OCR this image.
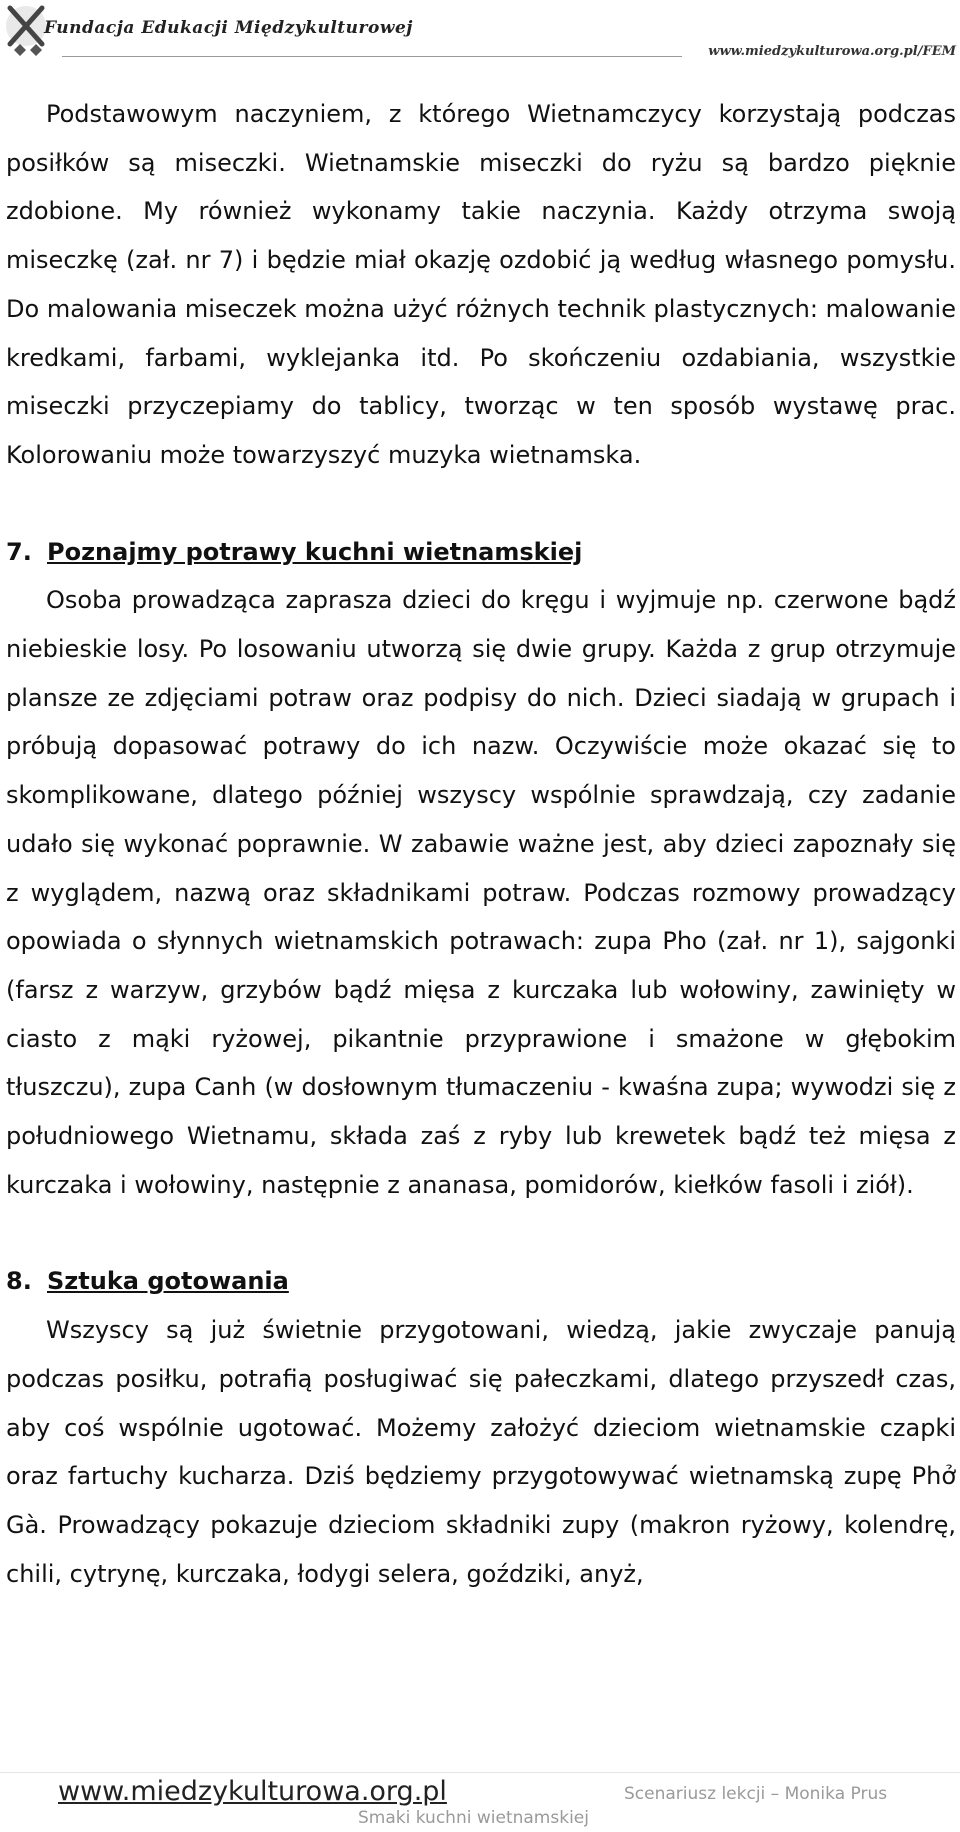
Fundacja Edukacji Międzykulturowej
www.miedzykulturowa.org.pl/FEM

Podstawowym naczyniem, z którego Wietnamczycy korzystają podczas posiłków są miseczki. Wietnamskie miseczki do ryżu są bardzo pięknie zdobione. My również wykonamy takie naczynia. Każdy otrzyma swoją miseczkę (zał. nr 7) i będzie miał okazję ozdobić ją według własnego pomysłu. Do malowania miseczek można użyć różnych technik plastycznych: malowanie kredkami, farbami, wyklejanka itd. Po skończeniu ozdabiania, wszystkie miseczki przyczepiamy do tablicy, tworząc w ten sposób wystawę prac. Kolorowaniu może towarzyszyć muzyka wietnamska.

7. Poznajmy potrawy kuchni wietnamskiej

Osoba prowadząca zaprasza dzieci do kręgu i wyjmuje np. czerwone bądź niebieskie losy. Po losowaniu utworzą się dwie grupy. Każda z grup otrzymuje plansze ze zdjęciami potraw oraz podpisy do nich. Dzieci siadają w grupach i próbują dopasować potrawy do ich nazw. Oczywiście może okazać się to skomplikowane, dlatego później wszyscy wspólnie sprawdzają, czy zadanie udało się wykonać poprawnie. W zabawie ważne jest, aby dzieci zapoznały się z wyglądem, nazwą oraz składnikami potraw. Podczas rozmowy prowadzący opowiada o słynnych wietnamskich potrawach: zupa Pho (zał. nr 1), sajgonki (farsz z warzyw, grzybów bądź mięsa z kurczaka lub wołowiny, zawinięty w ciasto z mąki ryżowej, pikantnie przyprawione i smażone w głębokim tłuszczu), zupa Canh (w dosłownym tłumaczeniu - kwaśna zupa; wywodzi się z południowego Wietnamu, składa zaś z ryby lub krewetek bądź też mięsa z kurczaka i wołowiny, następnie z ananasa, pomidorów, kiełków fasoli i ziół).

8. Sztuka gotowania

Wszyscy są już świetnie przygotowani, wiedzą, jakie zwyczaje panują podczas posiłku, potrafią posługiwać się pałeczkami, dlatego przyszedł czas, aby coś wspólnie ugotować. Możemy założyć dzieciom wietnamskie czapki oraz fartuchy kucharza. Dziś będziemy przygotowywać wietnamską zupę Phở Gà. Prowadzący pokazuje dzieciom składniki zupy (makron ryżowy, kolendrę, chili, cytrynę, kurczaka, łodygi selera, goździki, anyż,

www.miedzykulturowa.org.pl	Scenariusz lekcji – Monika Prus
Smaki kuchni wietnamskiej
